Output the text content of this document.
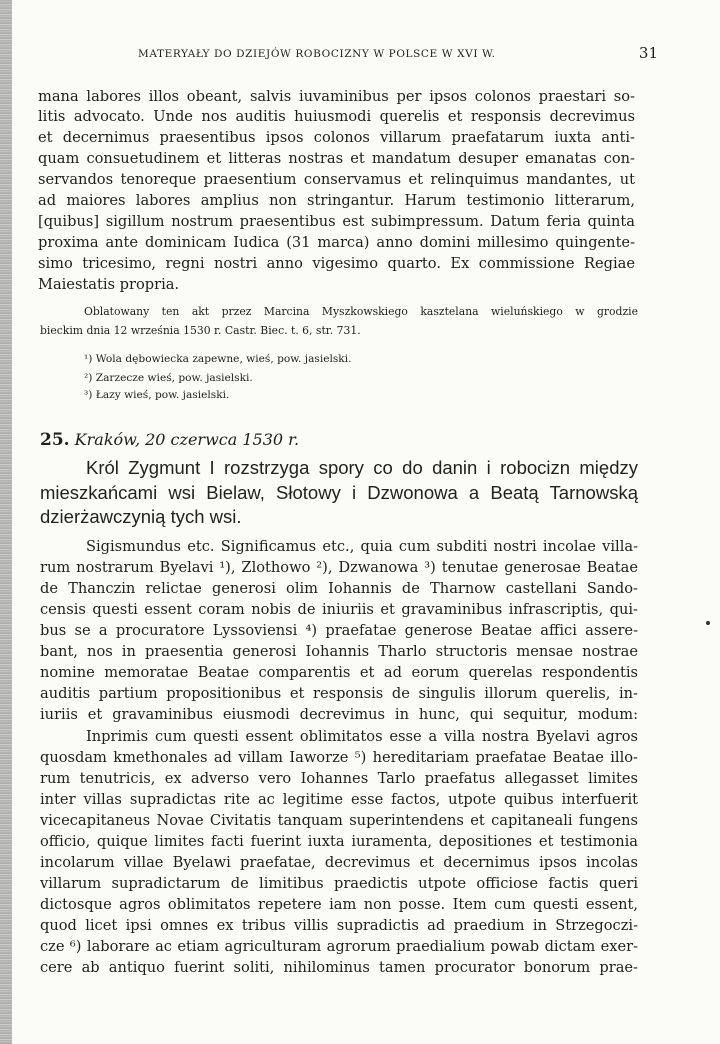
MATERYAŁY DO DZIEJÓW ROBOCIZNY W POLSCE W XVI W.	31
mana labores illos obeant, salvis iuvaminibus per ipsos colonos praestari so-
litis advocato. Unde nos auditis huiusmodi querelis et responsis decrevimus
et decernimus praesentibus ipsos colonos villarum praefatarum iuxta anti-
quam consuetudinem et litteras nostras et mandatum desuper emanatas con-
servandos tenoreque praesentium conservamus et relinquimus mandantes, ut
ad maiores labores amplius non stringantur. Harum testimonio litterarum,
[quibus] sigillum nostrum praesentibus est subimpressum. Datum feria quinta
proxima ante dominicam Iudica (31 marca) anno domini millesimo quingente-
simo tricesimo, regni nostri anno vigesimo quarto. Ex commissione Regiae
Maiestatis propria.
Oblatowany ten akt przez Marcina Myszkowskiego kasztelana wieluńskiego w grodzie
bieckim dnia 12 września 1530 r. Castr. Biec. t. 6, str. 731.
¹) Wola dębowiecka zapewne, wieś, pow. jasielski.
²) Zarzecze wieś, pow. jasielski.
³) Łazy wieś, pow. jasielski.
25. Kraków, 20 czerwca 1530 r.
Król Zygmunt I rozstrzyga spory co do danin i robocizn między
mieszkańcami wsi Bielaw, Słotowy i Dzwonowa a Beatą Tarnowską
dzierżawczynią tych wsi.
Sigismundus etc. Significamus etc., quia cum subditi nostri incolae villa-
rum nostrarum Byelavi ¹), Zlothowo ²), Dzwanowa ³) tenutae generosae Beatae
de Thanczin relictae generosi olim Iohannis de Tharnow castellani Sando-
censis questi essent coram nobis de iniuriis et gravaminibus infrascriptis, qui-
bus se a procuratore Lyssoviensi ⁴) praefatae generose Beatae affici assere-
bant, nos in praesentia generosi Iohannis Tharlo structoris mensae nostrae
nomine memoratae Beatae comparentis et ad eorum querelas respondentis
auditis partium propositionibus et responsis de singulis illorum querelis, in-
iuriis et gravaminibus eiusmodi decrevimus in hunc, qui sequitur, modum:
Inprimis cum questi essent oblimitatos esse a villa nostra Byelavi agros
quosdam kmethonales ad villam Iaworze ⁵) hereditariam praefatae Beatae illo-
rum tenutricis, ex adverso vero Iohannes Tarlo praefatus allegasset limites
inter villas supradictas rite ac legitime esse factos, utpote quibus interfuerit
vicecapitaneus Novae Civitatis tanquam superintendens et capitaneali fungens
officio, quique limites facti fuerint iuxta iuramenta, depositiones et testimonia
incolarum villae Byelawi praefatae, decrevimus et decernimus ipsos incolas
villarum supradictarum de limitibus praedictis utpote officiose factis queri
dictosque agros oblimitatos repetere iam non posse. Item cum questi essent,
quod licet ipsi omnes ex tribus villis supradictis ad praedium in Strzegoczi-
cze ⁶) laborare ac etiam agriculturam agrorum praedialium powab dictam exer-
cere ab antiquo fuerint soliti, nihilominus tamen procurator bonorum prae-
